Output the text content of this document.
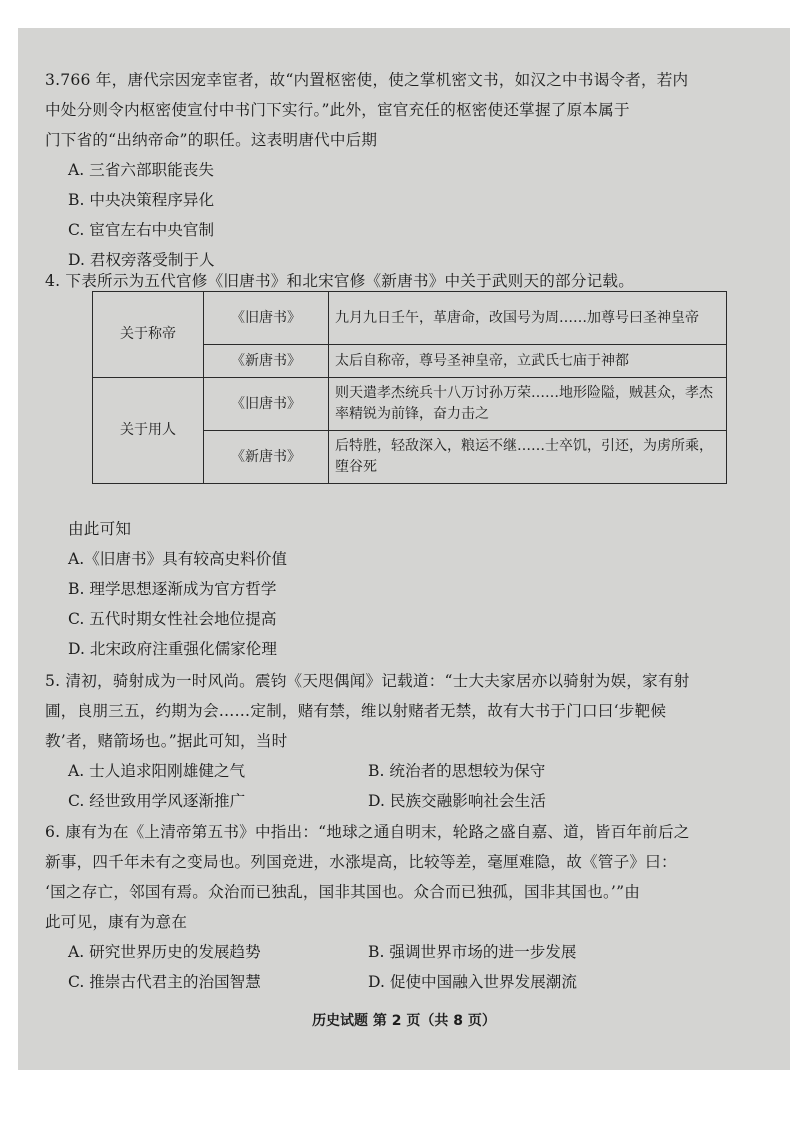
3.766 年，唐代宗因宠幸宦者，故“内置枢密使，使之掌机密文书，如汉之中书谒令者，若内
中处分则令内枢密使宣付中书门下实行。”此外，宦官充任的枢密使还掌握了原本属于
门下省的“出纳帝命”的职任。这表明唐代中后期
A. 三省六部职能丧失
B. 中央决策程序异化
C. 宦官左右中央官制
D. 君权旁落受制于人
4. 下表所示为五代官修《旧唐书》和北宋官修《新唐书》中关于武则天的部分记载。
关于称帝	《旧唐书》	九月九日壬午，革唐命，改国号为周……加尊号曰圣神皇帝
	《新唐书》	太后自称帝，尊号圣神皇帝，立武氏七庙于神都
关于用人	《旧唐书》	则天遣孝杰统兵十八万讨孙万荣……地形险隘，贼甚众，孝杰率精锐为前锋，奋力击之
	《新唐书》	后特胜，轻敌深入，粮运不继……士卒饥，引还，为虏所乘，堕谷死
由此可知
A.《旧唐书》具有较高史料价值
B. 理学思想逐渐成为官方哲学
C. 五代时期女性社会地位提高
D. 北宋政府注重强化儒家伦理
5. 清初，骑射成为一时风尚。震钧《天咫偶闻》记载道：“士大夫家居亦以骑射为娱，家有射
圃，良朋三五，约期为会……定制，赌有禁，维以射赌者无禁，故有大书于门口曰‘步靶候
教’者，赌箭场也。”据此可知，当时
A. 士人追求阳刚雄健之气	B. 统治者的思想较为保守
C. 经世致用学风逐渐推广	D. 民族交融影响社会生活
6. 康有为在《上清帝第五书》中指出：“地球之通自明末，轮路之盛自嘉、道，皆百年前后之
新事，四千年未有之变局也。列国竞进，水涨堤高，比较等差，毫厘难隐，故《管子》曰：
‘国之存亡，邻国有焉。众治而已独乱，国非其国也。众合而已独孤，国非其国也。’”由
此可见，康有为意在
A. 研究世界历史的发展趋势	B. 强调世界市场的进一步发展
C. 推崇古代君主的治国智慧	D. 促使中国融入世界发展潮流
历史试题 第 2 页（共 8 页）
